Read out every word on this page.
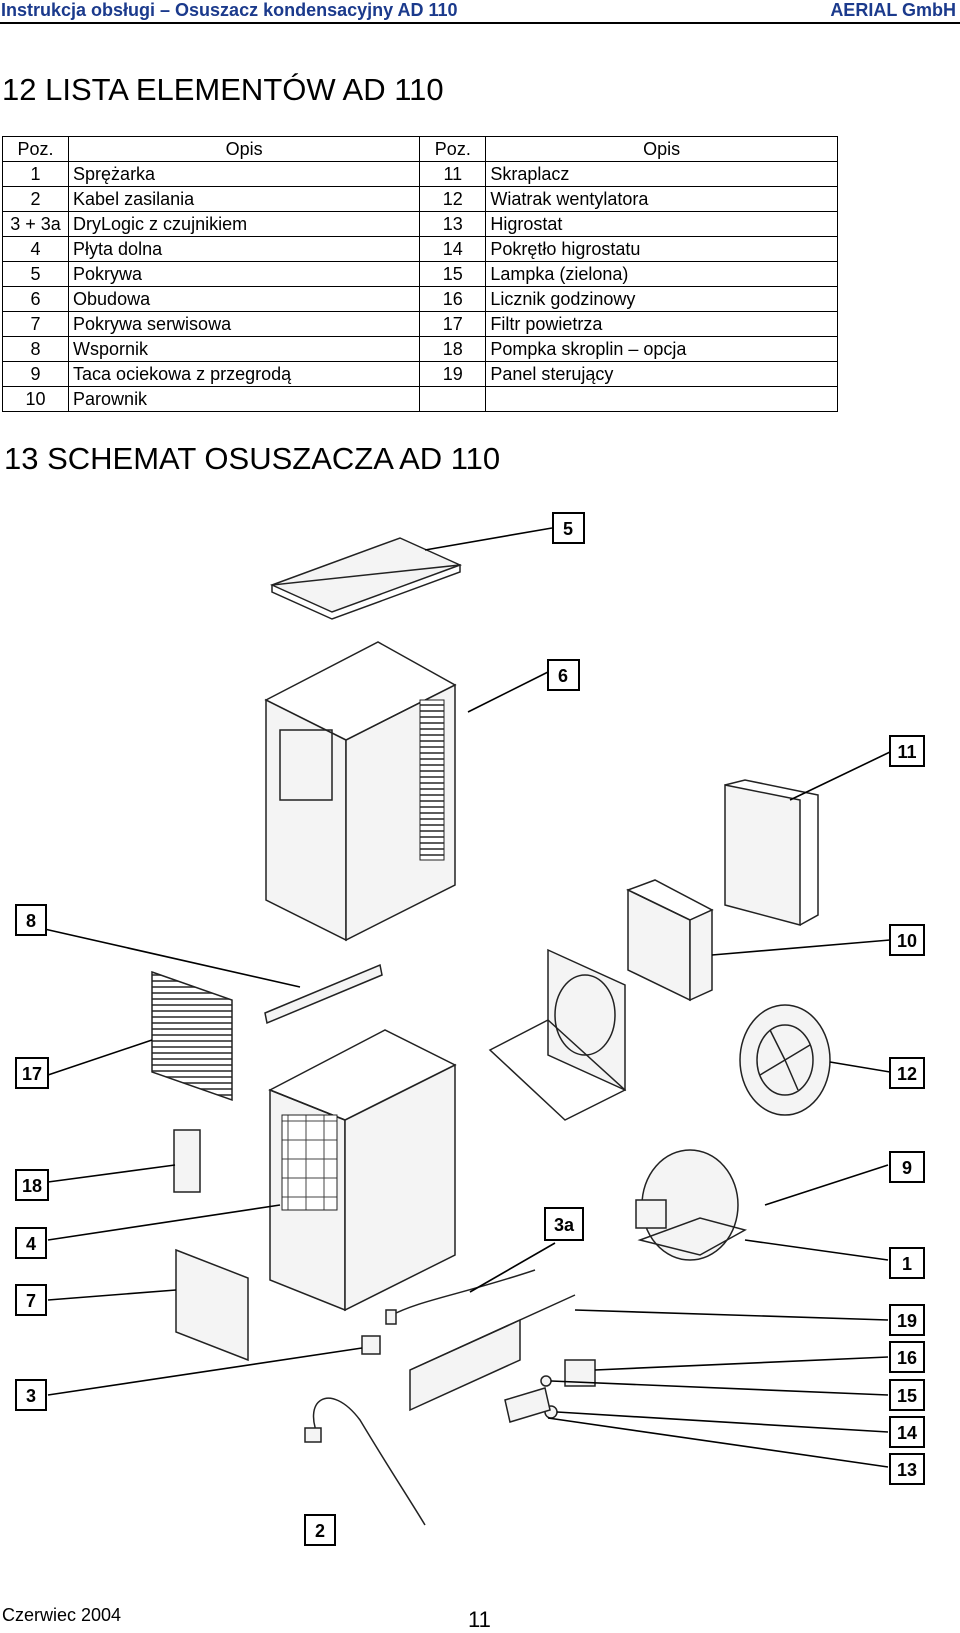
Instrukcja obsługi – Osuszacz kondensacyjny AD 110	AERIAL GmbH
12 LISTA ELEMENTÓW AD 110
Poz.	Opis	Poz.	Opis
1	Sprężarka	11	Skraplacz
2	Kabel zasilania	12	Wiatrak wentylatora
3 + 3a	DryLogic z czujnikiem	13	Higrostat
4	Płyta dolna	14	Pokrętło higrostatu
5	Pokrywa	15	Lampka (zielona)
6	Obudowa	16	Licznik godzinowy
7	Pokrywa serwisowa	17	Filtr powietrza
8	Wspornik	18	Pompka skroplin – opcja
9	Taca ociekowa z przegrodą	19	Panel sterujący
10	Parownik		
13 SCHEMAT OSUSZACZA AD 110
5
6
11
8
10
17	12
9
18
3a
4
1
7
19
16
3	15
14
13
2
Czerwiec 2004	11
